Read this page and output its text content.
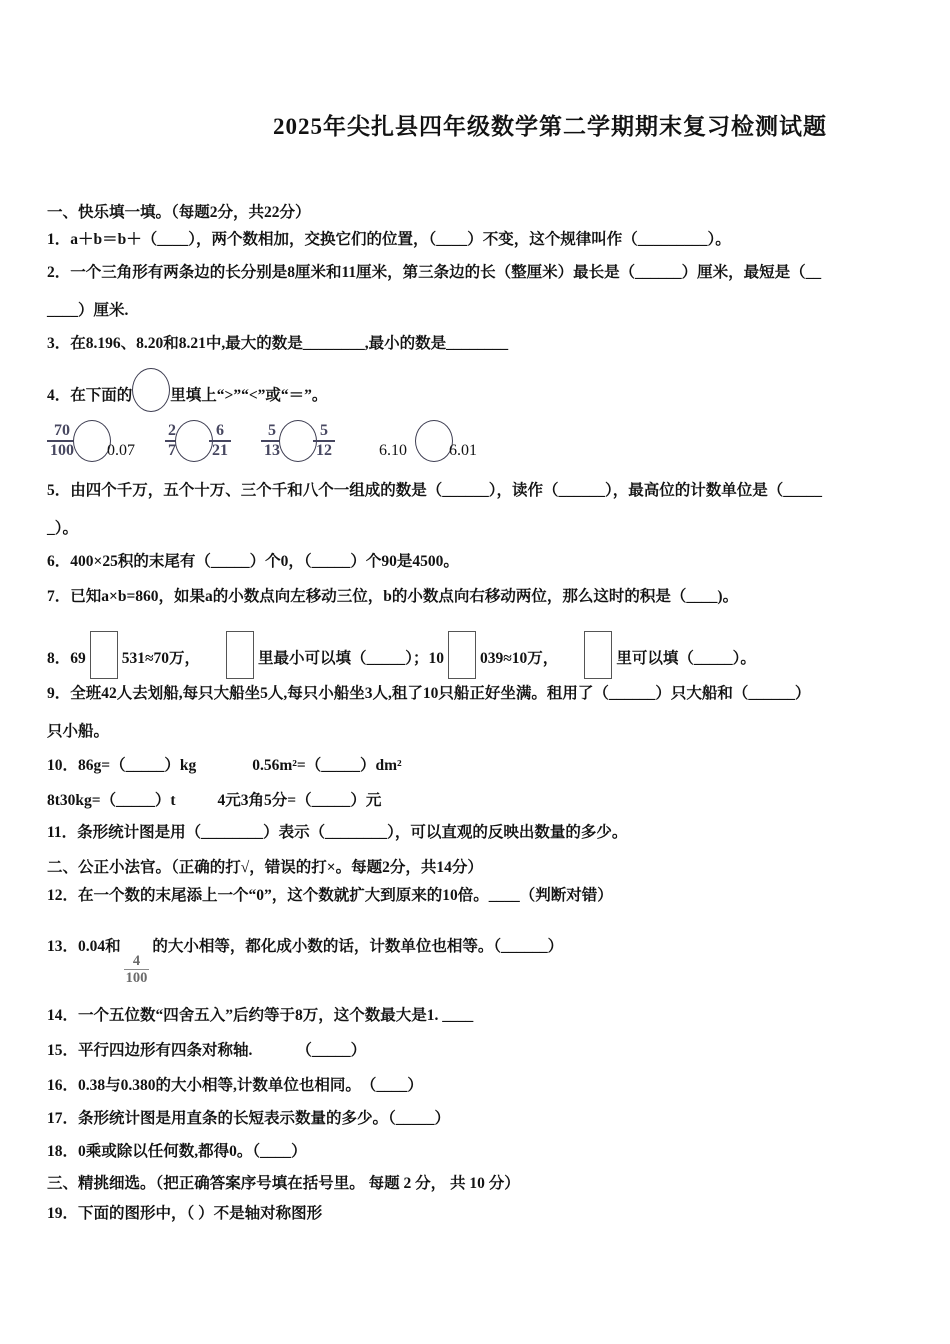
2025年尖扎县四年级数学第二学期期末复习检测试题
一、快乐填一填。（每题2分，共22分）
1．a＋b＝b＋（____），两个数相加，交换它们的位置，（____）不变，这个规律叫作（_________）。
2．一个三角形有两条边的长分别是8厘米和11厘米，第三条边的长（整厘米）最长是（______）厘米，最短是（__
____）厘米.
3．在8.196、8.20和8.21中,最大的数是________,最小的数是________
4．在下面的 里填上“>”“<”或“＝”。
$\frac{70}{100} 0.07 \frac{2}{7} \frac{6}{21} \frac{5}{13} \frac{5}{12}$	6.10	6.01
5．由四个千万，五个十万、三个千和八个一组成的数是（______），读作（______），最高位的计数单位是（_____
_）。
6．400×25积的末尾有（_____）个0，（_____）个90是4500。
7．已知a×b=860，如果a的小数点向左移动三位，b的小数点向右移动两位，那么这时的积是（____)。
8．69 531≈70万，	里最小可以填（_____）；10 039≈10万，	里可以填（_____）。
9．全班42人去划船,每只大船坐5人,每只小船坐3人,租了10只船正好坐满。租用了（______）只大船和（______）
只小船。
10．86g=（_____）kg	0.56m²=（_____）dm²
8t30kg=（_____）t	4元3角5分=（_____）元
11．条形统计图是用（________）表示（________），可以直观的反映出数量的多少。
二、公正小法官。（正确的打√，错误的打×。每题2分，共14分）
12．在一个数的末尾添上一个“0”，这个数就扩大到原来的10倍。____（判断对错）
13．0.04和
$\frac{4}{100}$
的大小相等，都化成小数的话，计数单位也相等。（______）
14．一个五位数“四舍五入”后约等于8万，这个数最大是1. ____
15．平行四边形有四条对称轴.	（_____）
16．0.38与0.380的大小相等,计数单位也相同。　（____）
17．条形统计图是用直条的长短表示数量的多少。（_____）
18．0乘或除以任何数,都得0。（____）
三、精挑细选。（把正确答案序号填在括号里。 每题 2 分， 共 10 分）
19．下面的图形中，（ ）不是轴对称图形
